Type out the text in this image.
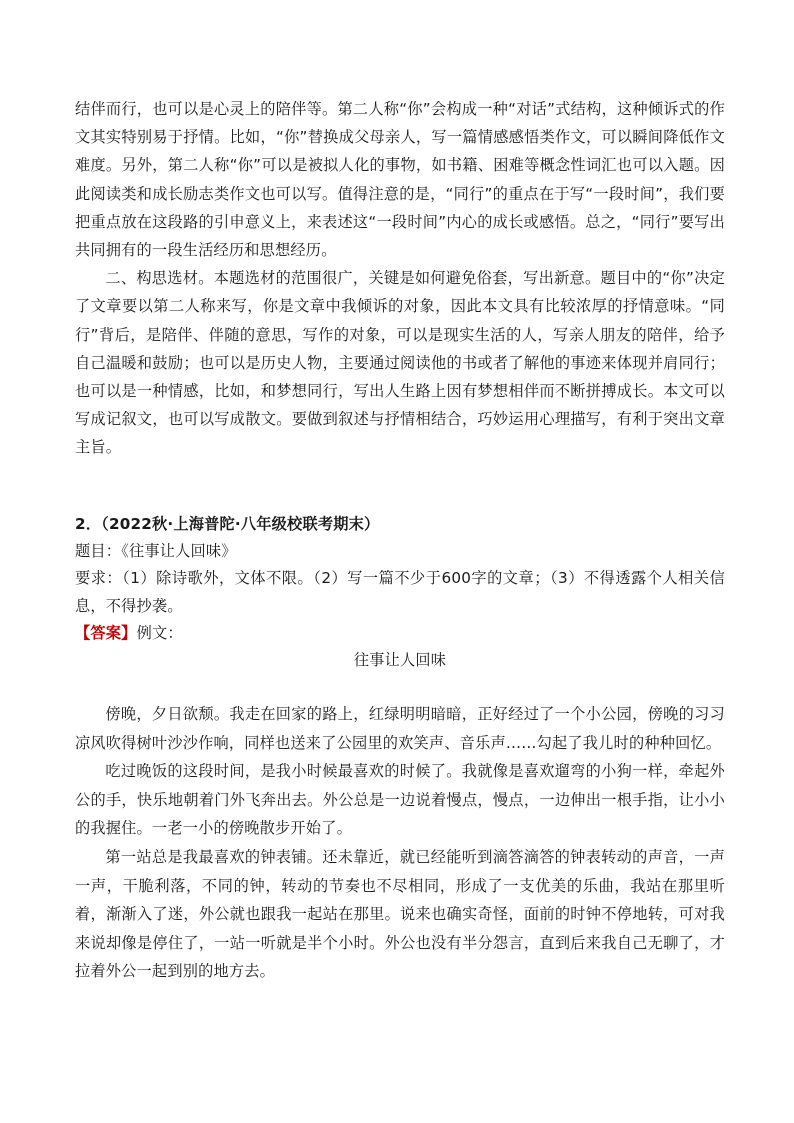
结伴而行，也可以是心灵上的陪伴等。第二人称“你”会构成一种“对话”式结构，这种倾诉式的作文其实特别易于抒情。比如，“你”替换成父母亲人，写一篇情感感悟类作文，可以瞬间降低作文难度。另外，第二人称“你”可以是被拟人化的事物，如书籍、困难等概念性词汇也可以入题。因此阅读类和成长励志类作文也可以写。值得注意的是，“同行”的重点在于写“一段时间”，我们要把重点放在这段路的引申意义上，来表述这“一段时间”内心的成长或感悟。总之，“同行”要写出共同拥有的一段生活经历和思想经历。

二、构思选材。本题选材的范围很广，关键是如何避免俗套，写出新意。题目中的“你”决定了文章要以第二人称来写，你是文章中我倾诉的对象，因此本文具有比较浓厚的抒情意味。“同行”背后，是陪伴、伴随的意思，写作的对象，可以是现实生活的人，写亲人朋友的陪伴，给予自己温暖和鼓励；也可以是历史人物，主要通过阅读他的书或者了解他的事迹来体现并肩同行；也可以是一种情感，比如，和梦想同行，写出人生路上因有梦想相伴而不断拼搏成长。本文可以写成记叙文，也可以写成散文。要做到叙述与抒情相结合，巧妙运用心理描写，有利于突出文章主旨。

2．（2022秋·上海普陀·八年级校联考期末）

题目：《往事让人回味》

要求：（1）除诗歌外，文体不限。（2）写一篇不少于600字的文章；（3）不得透露个人相关信息，不得抄袭。

【答案】例文：

往事让人回味

傍晚，夕日欲颓。我走在回家的路上，红绿明明暗暗，正好经过了一个小公园，傍晚的习习凉风吹得树叶沙沙作响，同样也送来了公园里的欢笑声、音乐声……勾起了我儿时的种种回忆。

吃过晚饭的这段时间，是我小时候最喜欢的时候了。我就像是喜欢遛弯的小狗一样，牵起外公的手，快乐地朝着门外飞奔出去。外公总是一边说着慢点，慢点，一边伸出一根手指，让小小的我握住。一老一小的傍晚散步开始了。

第一站总是我最喜欢的钟表铺。还未靠近，就已经能听到滴答滴答的钟表转动的声音，一声一声，干脆利落，不同的钟，转动的节奏也不尽相同，形成了一支优美的乐曲，我站在那里听着，渐渐入了迷，外公就也跟我一起站在那里。说来也确实奇怪，面前的时钟不停地转，可对我来说却像是停住了，一站一听就是半个小时。外公也没有半分怨言，直到后来我自己无聊了，才拉着外公一起到别的地方去。
